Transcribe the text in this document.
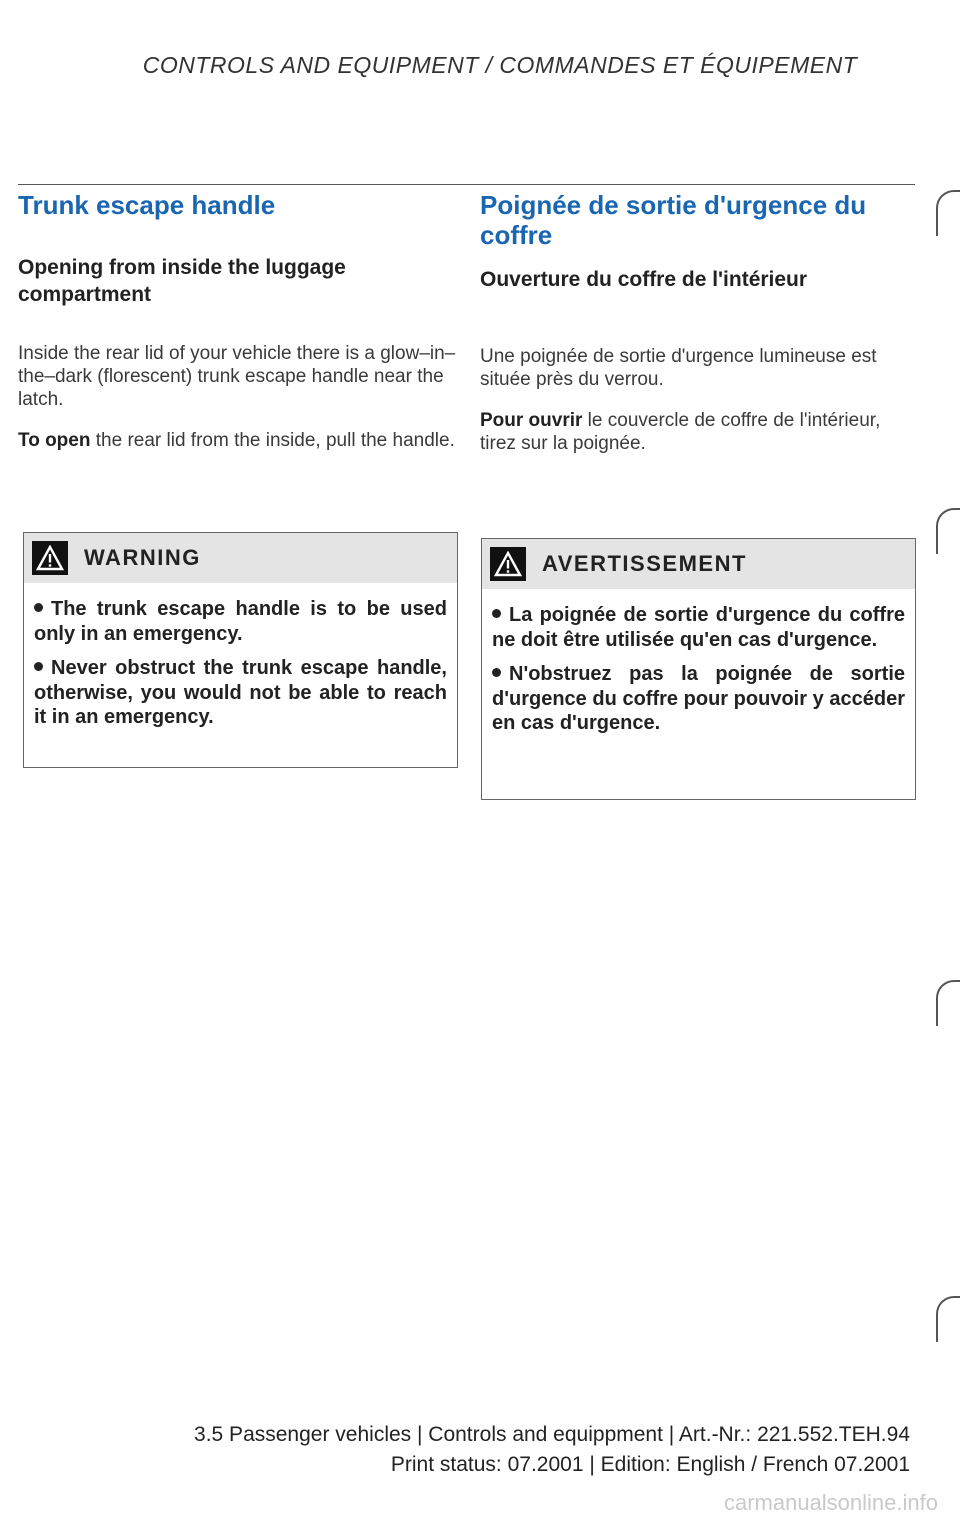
CONTROLS AND EQUIPMENT / COMMANDES ET ÉQUIPEMENT
Trunk escape handle
Opening from inside the luggage compartment

Inside the rear lid of your vehicle there is a glow–in–the–dark (florescent) trunk escape handle near the latch.

To open the rear lid from the inside, pull the handle.

WARNING

The trunk escape handle is to be used only in an emergency.

Never obstruct the trunk escape handle, otherwise, you would not be able to reach it in an emergency.

Poignée de sortie d'urgence du coffre
Ouverture du coffre de l'intérieur

Une poignée de sortie d'urgence lumineuse est située près du verrou.

Pour ouvrir le couvercle de coffre de l'intérieur, tirez sur la poignée.

AVERTISSEMENT

La poignée de sortie d'urgence du coffre ne doit être utilisée qu'en cas d'urgence.

N'obstruez pas la poignée de sortie d'urgence du coffre pour pouvoir y accéder en cas d'urgence.

3.5 Passenger vehicles | Controls and equippment | Art.-Nr.: 221.552.TEH.94
Print status: 07.2001 | Edition: English / French 07.2001
carmanualsonline.info
